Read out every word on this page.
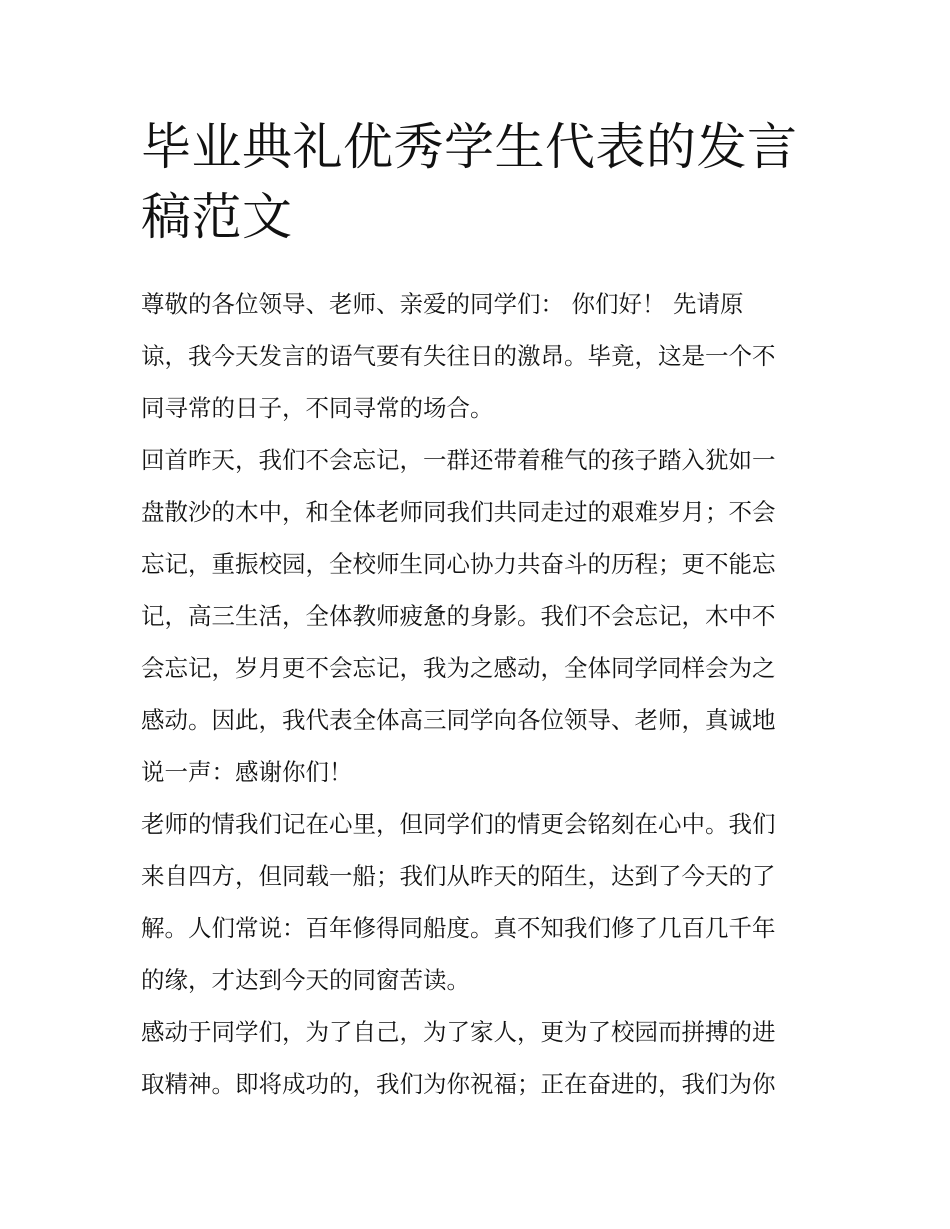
毕业典礼优秀学生代表的发言
稿范文

尊敬的各位领导、老师、亲爱的同学们： 你们好！ 先请原
谅，我今天发言的语气要有失往日的激昂。毕竟，这是一个不
同寻常的日子，不同寻常的场合。

回首昨天，我们不会忘记，一群还带着稚气的孩子踏入犹如一
盘散沙的木中，和全体老师同我们共同走过的艰难岁月；不会
忘记，重振校园，全校师生同心协力共奋斗的历程；更不能忘
记，高三生活，全体教师疲惫的身影。我们不会忘记，木中不
会忘记，岁月更不会忘记，我为之感动，全体同学同样会为之
感动。因此，我代表全体高三同学向各位领导、老师，真诚地
说一声：感谢你们！

老师的情我们记在心里，但同学们的情更会铭刻在心中。我们
来自四方，但同载一船；我们从昨天的陌生，达到了今天的了
解。人们常说：百年修得同船度。真不知我们修了几百几千年
的缘，才达到今天的同窗苦读。

感动于同学们，为了自己，为了家人，更为了校园而拼搏的进
取精神。即将成功的，我们为你祝福；正在奋进的，我们为你
